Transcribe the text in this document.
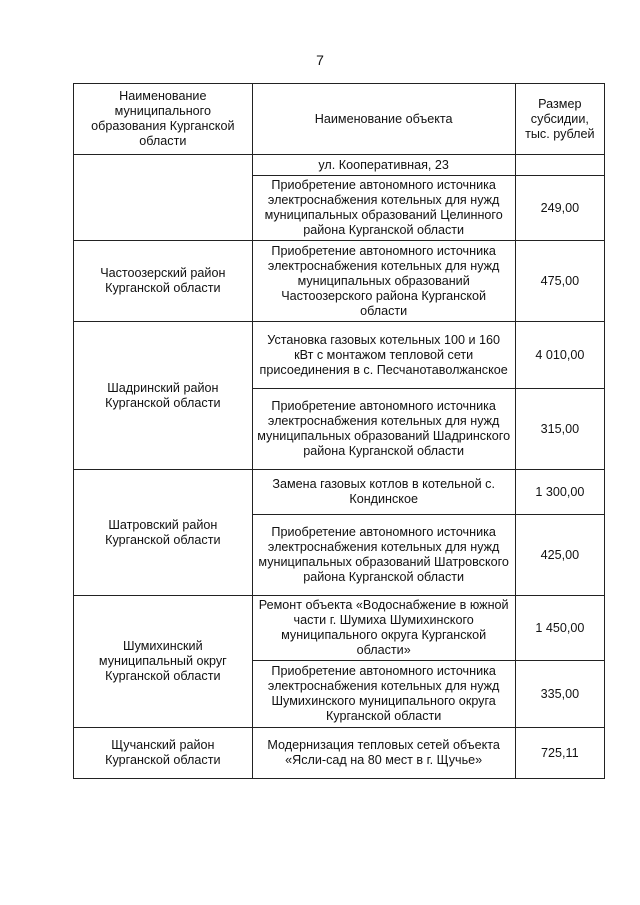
7
Наименование муниципального образования Курганской области	Наименование объекта	Размер субсидии, тыс. рублей
	ул. Кооперативная, 23	
	Приобретение автономного источника электроснабжения котельных для нужд муниципальных образований Целинного района Курганской области	249,00
Частоозерский район Курганской области	Приобретение автономного источника электроснабжения котельных для нужд муниципальных образований Частоозерского района Курганской области	475,00
Шадринский район Курганской области	Установка газовых котельных 100 и 160 кВт с монтажом тепловой сети присоединения в с. Песчанотаволжанское	4 010,00
	Приобретение автономного источника электроснабжения котельных для нужд муниципальных образований Шадринского района Курганской области	315,00
Шатровский район Курганской области	Замена газовых котлов в котельной с. Кондинское	1 300,00
	Приобретение автономного источника электроснабжения котельных для нужд муниципальных образований Шатровского района Курганской области	425,00
Шумихинский муниципальный округ Курганской области	Ремонт объекта «Водоснабжение в южной части г. Шумиха Шумихинского муниципального округа Курганской области»	1 450,00
	Приобретение автономного источника электроснабжения котельных для нужд Шумихинского муниципального округа Курганской области	335,00
Щучанский район Курганской области	Модернизация тепловых сетей объекта «Ясли-сад на 80 мест в г. Щучье»	725,11
